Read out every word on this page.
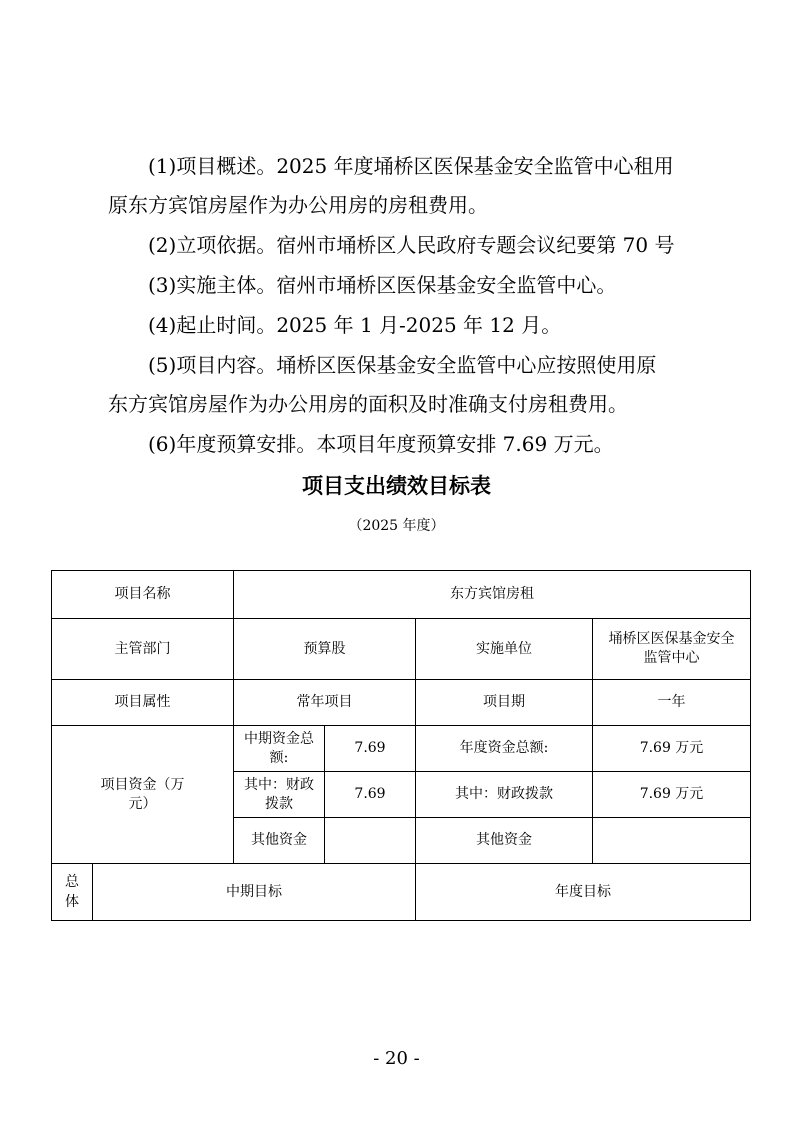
(1)项目概述。2025 年度埇桥区医保基金安全监管中心租用
原东方宾馆房屋作为办公用房的房租费用。
(2)立项依据。宿州市埇桥区人民政府专题会议纪要第 70 号
(3)实施主体。宿州市埇桥区医保基金安全监管中心。
(4)起止时间。2025 年 1 月-2025 年 12 月。
(5)项目内容。埇桥区医保基金安全监管中心应按照使用原
东方宾馆房屋作为办公用房的面积及时准确支付房租费用。
(6)年度预算安排。本项目年度预算安排 7.69 万元。
项目支出绩效目标表
（2025 年度）
项目名称		东方宾馆房租			
主管部门		预算股		实施单位	埇桥区医保基金安全监管中心
项目属性		常年项目		项目期	一年
项目资金（万元）		中期资金总额:	7.69	年度资金总额:	7.69 万元
		其中：财政拨款	7.69	其中：财政拨款	7.69 万元
		其他资金		其他资金	
总体	中期目标			年度目标	
- 20 -
